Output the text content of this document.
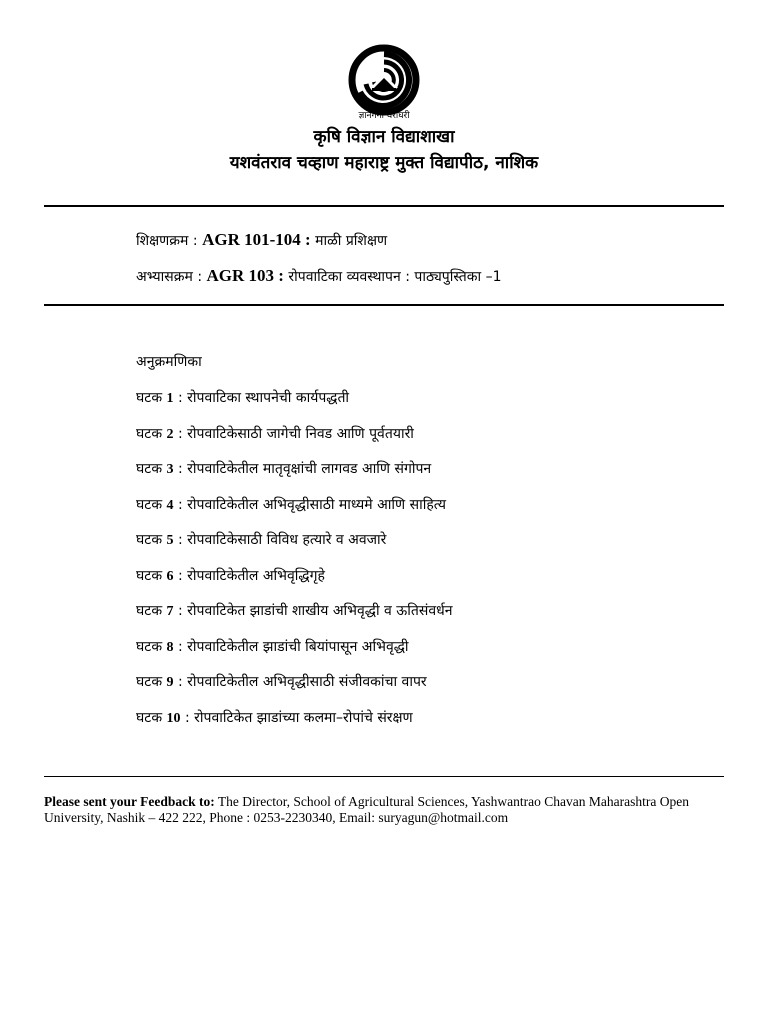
ज्ञानगंगा घरोघरी
कृषि विज्ञान विद्याशाखा
यशवंतराव चव्हाण महाराष्ट्र मुक्त विद्यापीठ, नाशिक
शिक्षणक्रम : AGR 101-104 : माळी प्रशिक्षण
अभ्यासक्रम : AGR 103 : रोपवाटिका व्यवस्थापन : पाठ्यपुस्तिका –1
अनुक्रमणिका
घटक 1 : रोपवाटिका स्थापनेची कार्यपद्धती
घटक 2 : रोपवाटिकेसाठी जागेची निवड आणि पूर्वतयारी
घटक 3 : रोपवाटिकेतील मातृवृक्षांची लागवड आणि संगोपन
घटक 4 : रोपवाटिकेतील अभिवृद्धीसाठी माध्यमे आणि साहित्य
घटक 5 : रोपवाटिकेसाठी विविध हत्यारे व अवजारे
घटक 6 : रोपवाटिकेतील अभिवृद्धिगृहे
घटक 7 : रोपवाटिकेत झाडांची शाखीय अभिवृद्धी व ऊतिसंवर्धन
घटक 8 : रोपवाटिकेतील झाडांची बियांपासून अभिवृद्धी
घटक 9 : रोपवाटिकेतील अभिवृद्धीसाठी संजीवकांचा वापर
घटक 10 : रोपवाटिकेत झाडांच्या कलमा–रोपांचे संरक्षण
Please sent your Feedback to: The Director, School of Agricultural Sciences, Yashwantrao Chavan Maharashtra Open University, Nashik – 422 222, Phone : 0253-2230340, Email: suryagun@hotmail.com
